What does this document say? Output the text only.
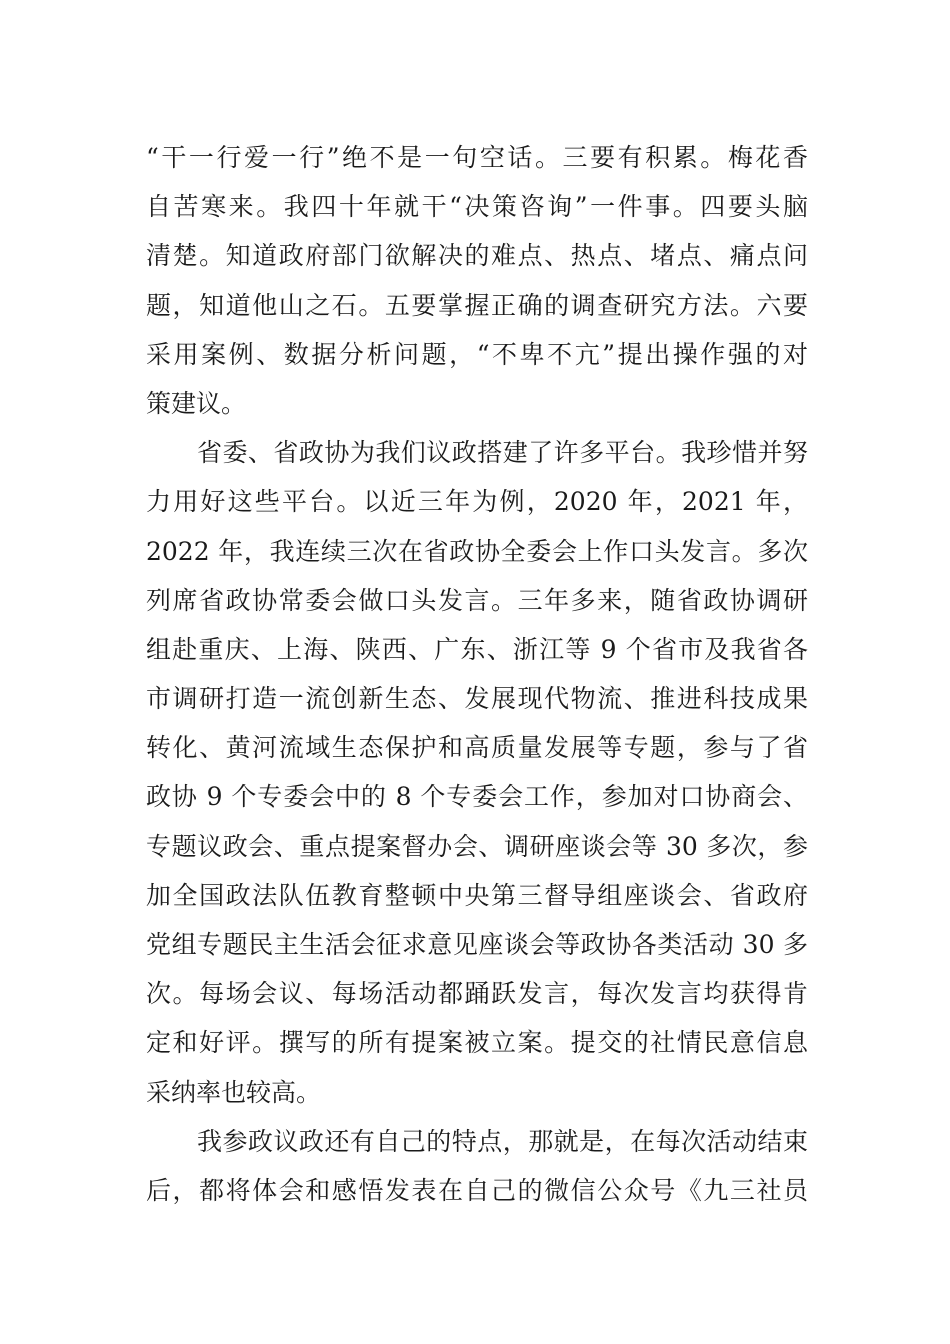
“干一行爱一行”绝不是一句空话。三要有积累。梅花香
自苦寒来。我四十年就干“决策咨询”一件事。四要头脑
清楚。知道政府部门欲解决的难点、热点、堵点、痛点问
题，知道他山之石。五要掌握正确的调查研究方法。六要
采用案例、数据分析问题，“不卑不亢”提出操作强的对
策建议。
　　省委、省政协为我们议政搭建了许多平台。我珍惜并努
力用好这些平台。以近三年为例，2020 年，2021 年，
2022 年，我连续三次在省政协全委会上作口头发言。多次
列席省政协常委会做口头发言。三年多来，随省政协调研
组赴重庆、上海、陕西、广东、浙江等 9 个省市及我省各
市调研打造一流创新生态、发展现代物流、推进科技成果
转化、黄河流域生态保护和高质量发展等专题，参与了省
政协 9 个专委会中的 8 个专委会工作，参加对口协商会、
专题议政会、重点提案督办会、调研座谈会等 30 多次，参
加全国政法队伍教育整顿中央第三督导组座谈会、省政府
党组专题民主生活会征求意见座谈会等政协各类活动 30 多
次。每场会议、每场活动都踊跃发言，每次发言均获得肯
定和好评。撰写的所有提案被立案。提交的社情民意信息
采纳率也较高。
　　我参政议政还有自己的特点，那就是，在每次活动结束
后，都将体会和感悟发表在自己的微信公众号《九三社员
